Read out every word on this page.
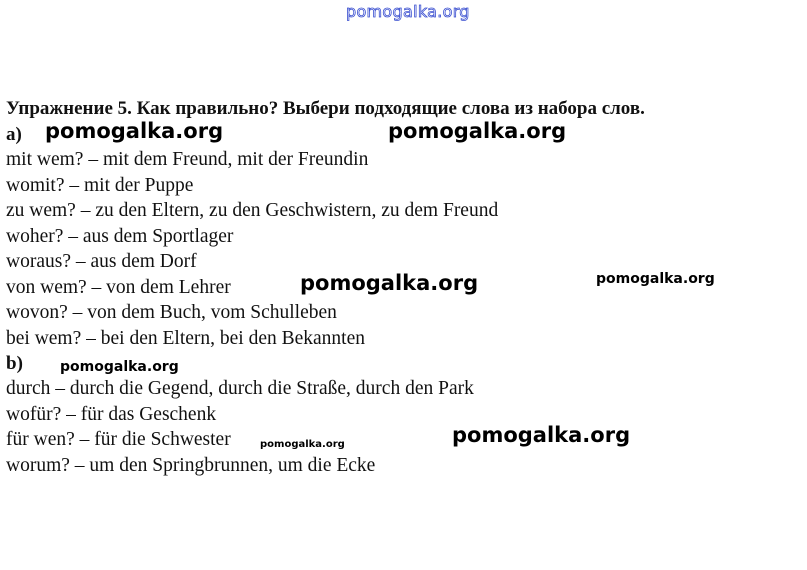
pomogalka.org
Упражнение 5. Как правильно? Выбери подходящие слова из набора слов.
a)
mit wem? – mit dem Freund, mit der Freundin
womit? – mit der Puppe
zu wem? – zu den Eltern, zu den Geschwistern, zu dem Freund
woher? – aus dem Sportlager
woraus? – aus dem Dorf
von wem? – von dem Lehrer
wovon? – von dem Buch, vom Schulleben
bei wem? – bei den Eltern, bei den Bekannten
b)
durch – durch die Gegend, durch die Straße, durch den Park
wofür? – für das Geschenk
für wen? – für die Schwester
worum? – um den Springbrunnen, um die Ecke
pomogalka.org	pomogalka.org
pomogalka.org	pomogalka.org
pomogalka.org
pomogalka.org	pomogalka.org
